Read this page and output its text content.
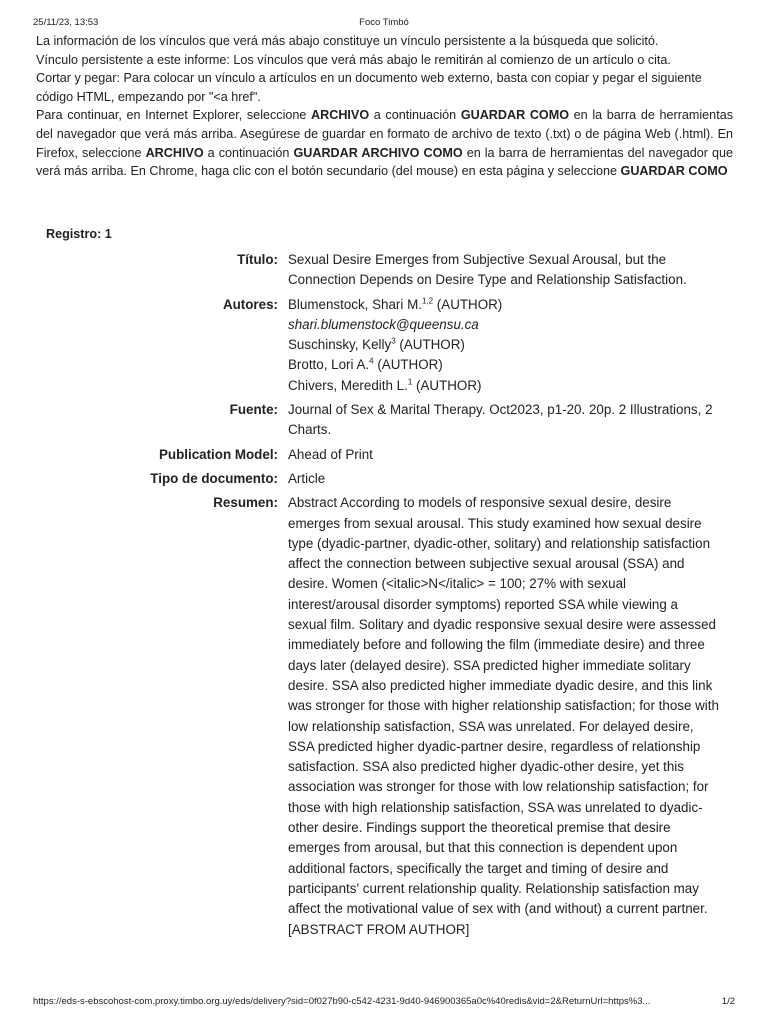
25/11/23, 13:53	Foco Timbó

La información de los vínculos que verá más abajo constituye un vínculo persistente a la búsqueda que solicitó.

Vínculo persistente a este informe: Los vínculos que verá más abajo le remitirán al comienzo de un artículo o cita.

Cortar y pegar: Para colocar un vínculo a artículos en un documento web externo, basta con copiar y pegar el siguiente código HTML, empezando por "<a href".

Para continuar, en Internet Explorer, seleccione ARCHIVO a continuación GUARDAR COMO en la barra de herramientas del navegador que verá más arriba. Asegúrese de guardar en formato de archivo de texto (.txt) o de página Web (.html). En Firefox, seleccione ARCHIVO a continuación GUARDAR ARCHIVO COMO en la barra de herramientas del navegador que verá más arriba. En Chrome, haga clic con el botón secundario (del mouse) en esta página y seleccione GUARDAR COMO

Registro: 1
Título: Sexual Desire Emerges from Subjective Sexual Arousal, but the Connection Depends on Desire Type and Relationship Satisfaction.
Autores: Blumenstock, Shari M.$^{1,2}$ (AUTHOR)
shari.blumenstock@queensu.ca
Suschinsky, Kelly$^3$ (AUTHOR)
Brotto, Lori A.$^4$ (AUTHOR)
Chivers, Meredith L.$^1$ (AUTHOR)
Fuente: Journal of Sex & Marital Therapy. Oct2023, p1-20. 20p. 2 Illustrations, 2 Charts.
Publication Model: Ahead of Print
Tipo de documento: Article
Resumen: Abstract According to models of responsive sexual desire, desire emerges from sexual arousal. This study examined how sexual desire type (dyadic-partner, dyadic-other, solitary) and relationship satisfaction affect the connection between subjective sexual arousal (SSA) and desire. Women (<italic>N</italic> = 100; 27% with sexual interest/arousal disorder symptoms) reported SSA while viewing a sexual film. Solitary and dyadic responsive sexual desire were assessed immediately before and following the film (immediate desire) and three days later (delayed desire). SSA predicted higher immediate solitary desire. SSA also predicted higher immediate dyadic desire, and this link was stronger for those with higher relationship satisfaction; for those with low relationship satisfaction, SSA was unrelated. For delayed desire, SSA predicted higher dyadic-partner desire, regardless of relationship satisfaction. SSA also predicted higher dyadic-other desire, yet this association was stronger for those with low relationship satisfaction; for those with high relationship satisfaction, SSA was unrelated to dyadic-other desire. Findings support the theoretical premise that desire emerges from arousal, but that this connection is dependent upon additional factors, specifically the target and timing of desire and participants' current relationship quality. Relationship satisfaction may affect the motivational value of sex with (and without) a current partner. [ABSTRACT FROM AUTHOR]
https://eds-s-ebscohost-com.proxy.timbo.org.uy/eds/delivery?sid=0f027b90-c542-4231-9d40-946900365a0c%40redis&vid=2&ReturnUrl=https%3...	1/2
